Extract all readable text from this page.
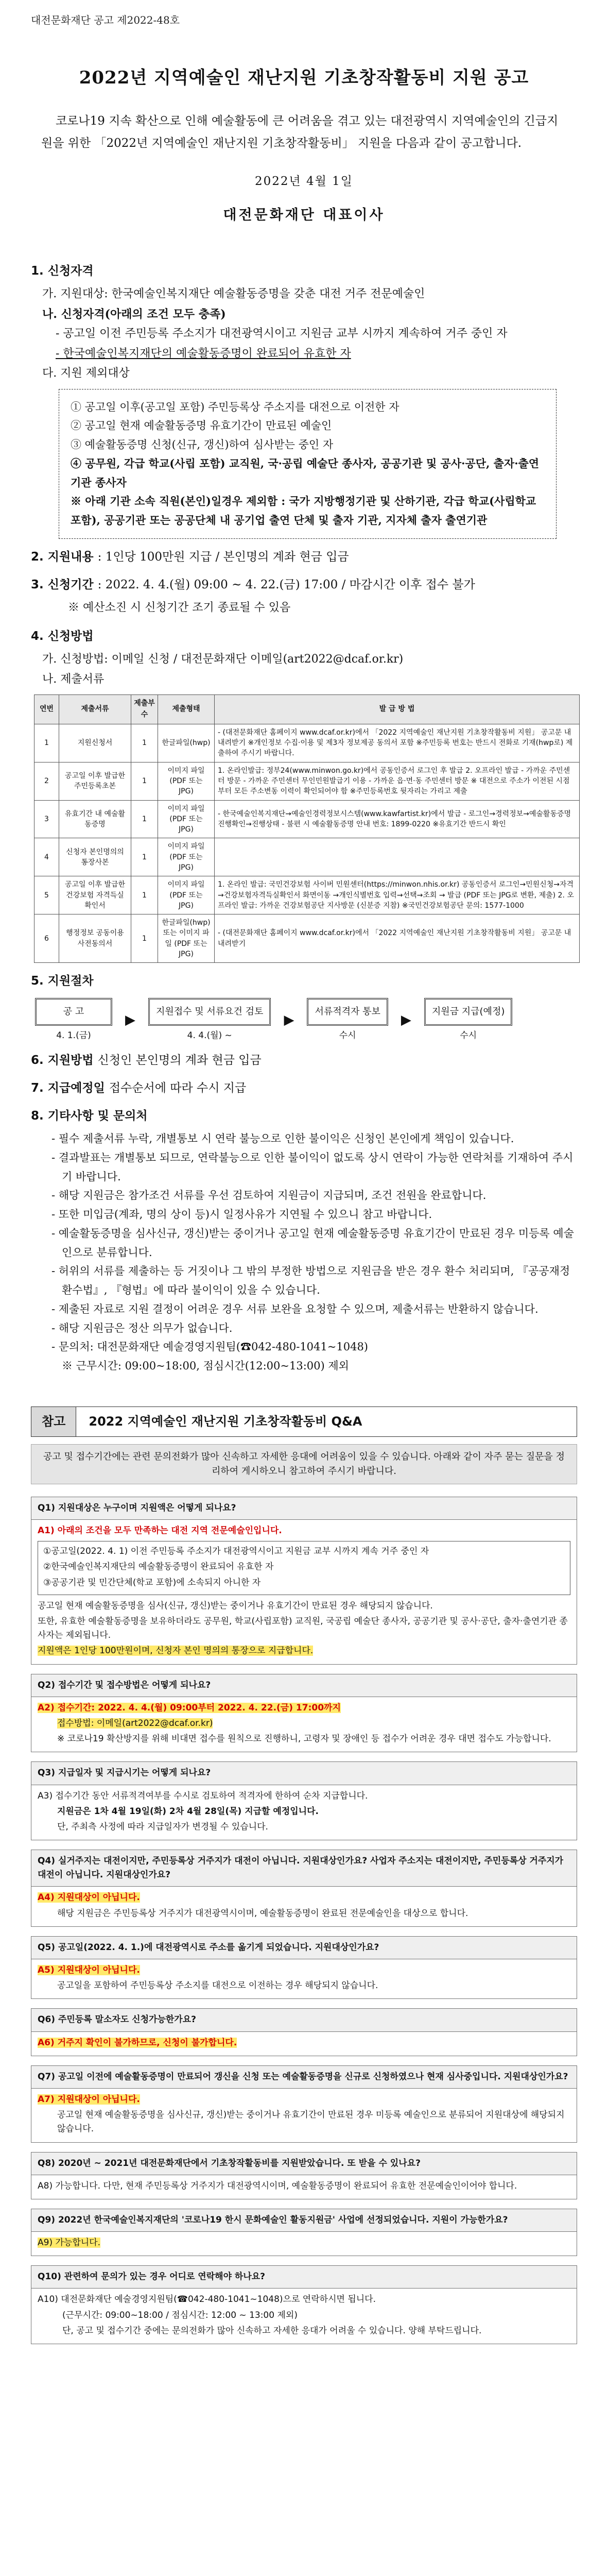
대전문화재단 공고 제2022-48호
2022년 지역예술인 재난지원 기초창작활동비 지원 공고

코로나19 지속 확산으로 인해 예술활동에 큰 어려움을 겪고 있는 대전광역시 지역예술인의 긴급지원을 위한 「2022년 지역예술인 재난지원 기초창작활동비」 지원을 다음과 같이 공고합니다.

2022년 4월 1일
대전문화재단 대표이사
1. 신청자격
가. 지원대상: 한국예술인복지재단 예술활동증명을 갖춘 대전 거주 전문예술인
나. 신청자격(아래의 조건 모두 충족)
- 공고일 이전 주민등록 주소지가 대전광역시이고 지원금 교부 시까지 계속하여 거주 중인 자
- 한국예술인복지재단의 예술활동증명이 완료되어 유효한 자
다. 지원 제외대상
① 공고일 이후(공고일 포함) 주민등록상 주소지를 대전으로 이전한 자
② 공고일 현재 예술활동증명 유효기간이 만료된 예술인
③ 예술활동증명 신청(신규, 갱신)하여 심사받는 중인 자
④ 공무원, 각급 학교(사립 포함) 교직원, 국·공립 예술단 종사자, 공공기관 및 공사·공단, 출자·출연기관 종사자
※ 아래 기관 소속 직원(본인)일경우 제외함 : 국가 지방행정기관 및 산하기관, 각급 학교(사립학교 포함), 공공기관 또는 공공단체 내 공기업 출연 단체 및 출자 기관, 지자체 출자 출연기관
2. 지원내용 : 1인당 100만원 지급 / 본인명의 계좌 현금 입금
3. 신청기간 : 2022. 4. 4.(월) 09:00 ~ 4. 22.(금) 17:00 / 마감시간 이후 접수 불가
※ 예산소진 시 신청기간 조기 종료될 수 있음
4. 신청방법
가. 신청방법: 이메일 신청 / 대전문화재단 이메일(art2022@dcaf.or.kr)
나. 제출서류
연번	제출서류	제출부수	제출형태	발 급 방 법
1	지원신청서	1	한글파일(hwp)	- (대전문화재단 홈페이지 www.dcaf.or.kr)에서 「2022 지역예술인 재난지원 기초창작활동비 지원」 공고문 내 내려받기 ※개인정보 수집·이용 및 제3자 정보제공 동의서 포함 ※주민등록 번호는 반드시 전화로 기재(hwp로) 제출하여 주시기 바랍니다.
2	공고일 이후 발급한 주민등록초본	1	이미지 파일 (PDF 또는 JPG)	1. 온라인발급: 정부24(www.minwon.go.kr)에서 공동인증서 로그인 후 발급 2. 오프라인 발급 - 가까운 주민센터 방문 - 가까운 주민센터 무인민원발급기 이용 - 가까운 읍·면·동 주민센터 방문 ※ 대전으로 주소가 이전된 시점부터 모든 주소변동 이력이 확인되어야 함 ※주민등록번호 뒷자리는 가리고 제출
3	유효기간 내 예술활동증명	1	이미지 파일 (PDF 또는 JPG)	- 한국예술인복지재단→예술인경력정보시스템(www.kawfartist.kr)에서 발급 - 로그인→경력정보→예술활동증명진행확인→진행상태 - 불편 시 예술활동증명 안내 번호: 1899-0220 ※유효기간 반드시 확인
4	신청자 본인명의의 통장사본	1	이미지 파일 (PDF 또는 JPG)	
5	공고일 이후 발급한 건강보험 자격득실 확인서	1	이미지 파일 (PDF 또는 JPG)	1. 온라인 발급: 국민건강보험 사이버 민원센터(https://minwon.nhis.or.kr) 공동인증서 로그인→민원신청→자격→건강보험자격득실확인서 화면이동 →개인식별번호 입력→선택→조회 → 발급 (PDF 또는 JPG로 변환, 제출) 2. 오프라인 발급: 가까운 건강보험공단 지사방문 (신분증 지참) ※국민건강보험공단 문의: 1577-1000
6	행정정보 공동이용 사전동의서	1	한글파일(hwp) 또는 이미지 파일 (PDF 또는 JPG)	- (대전문화재단 홈페이지 www.dcaf.or.kr)에서 「2022 지역예술인 재난지원 기초창작활동비 지원」 공고문 내 내려받기
5. 지원절차
공 고
4. 1.(금)
▶
지원접수 및 서류요건 검토
4. 4.(월) ~
▶
서류적격자 통보
수시
▶
지원금 지급(예정)
수시
6. 지원방법 신청인 본인명의 계좌 현금 입금
7. 지급예정일 접수순서에 따라 수시 지급
8. 기타사항 및 문의처

- 필수 제출서류 누락, 개별통보 시 연락 불능으로 인한 불이익은 신청인 본인에게 책임이 있습니다.

- 결과발표는 개별통보 되므로, 연락불능으로 인한 불이익이 없도록 상시 연락이 가능한 연락처를 기재하여 주시기 바랍니다.

- 해당 지원금은 참가조건 서류를 우선 검토하여 지원금이 지급되며, 조건 전원을 완료합니다.

- 또한 미입금(계좌, 명의 상이 등)시 일정사유가 지연될 수 있으니 참고 바랍니다.

- 예술활동증명을 심사신규, 갱신)받는 중이거나 공고일 현재 예술활동증명 유효기간이 만료된 경우 미등록 예술인으로 분류합니다.

- 허위의 서류를 제출하는 등 거짓이나 그 밖의 부정한 방법으로 지원금을 받은 경우 환수 처리되며, 『공공재정환수법』, 『형법』에 따라 불이익이 있을 수 있습니다.

- 제출된 자료로 지원 결정이 어려운 경우 서류 보완을 요청할 수 있으며, 제출서류는 반환하지 않습니다.

- 해당 지원금은 정산 의무가 없습니다.

- 문의처: 대전문화재단 예술경영지원팀(☎042-480-1041~1048)

※ 근무시간: 09:00~18:00, 점심시간(12:00~13:00) 제외

참고	2022 지역예술인 재난지원 기초창작활동비 Q&A
공고 및 접수기간에는 관련 문의전화가 많아 신속하고 자세한 응대에 어려움이 있을 수 있습니다. 아래와 같이 자주 묻는 질문을 정리하여 게시하오니 참고하여 주시기 바랍니다.
Q1) 지원대상은 누구이며 지원액은 어떻게 되나요?

A1) 아래의 조건을 모두 만족하는 대전 지역 전문예술인입니다.

①공고일(2022. 4. 1) 이전 주민등록 주소지가 대전광역시이고 지원금 교부 시까지 계속 거주 중인 자

②한국예술인복지재단의 예술활동증명이 완료되어 유효한 자

③공공기관 및 민간단체(학교 포함)에 소속되지 아니한 자

공고일 현재 예술활동증명을 심사(신규, 갱신)받는 중이거나 유효기간이 만료된 경우 해당되지 않습니다.

또한, 유효한 예술활동증명을 보유하더라도 공무원, 학교(사립포함) 교직원, 국공립 예술단 종사자, 공공기관 및 공사·공단, 출자·출연기관 종사자는 제외됩니다.

지원액은 1인당 100만원이며, 신청자 본인 명의의 통장으로 지급합니다.

Q2) 접수기간 및 접수방법은 어떻게 되나요?

A2) 접수기간: 2022. 4. 4.(월) 09:00부터 2022. 4. 22.(금) 17:00까지

접수방법: 이메일(art2022@dcaf.or.kr)

※ 코로나19 확산방지를 위해 비대면 접수를 원칙으로 진행하니, 고령자 및 장애인 등 접수가 어려운 경우 대면 접수도 가능합니다.

Q3) 지급일자 및 지급시기는 어떻게 되나요?

A3) 접수기간 동안 서류적격여부를 수시로 검토하여 적격자에 한하여 순차 지급합니다.

지원금은 1차 4월 19일(화) 2차 4월 28일(목) 지급할 예정입니다.

단, 주최측 사정에 따라 지급일자가 변경될 수 있습니다.

Q4) 실거주지는 대전이지만, 주민등록상 거주지가 대전이 아닙니다. 지원대상인가요? 사업자 주소지는 대전이지만, 주민등록상 거주지가 대전이 아닙니다. 지원대상인가요?

A4) 지원대상이 아닙니다.

해당 지원금은 주민등록상 거주지가 대전광역시이며, 예술활동증명이 완료된 전문예술인을 대상으로 합니다.

Q5) 공고일(2022. 4. 1.)에 대전광역시로 주소를 옮기게 되었습니다. 지원대상인가요?

A5) 지원대상이 아닙니다.

공고일을 포함하여 주민등록상 주소지를 대전으로 이전하는 경우 해당되지 않습니다.

Q6) 주민등록 말소자도 신청가능한가요?

A6) 거주지 확인이 불가하므로, 신청이 불가합니다.

Q7) 공고일 이전에 예술활동증명이 만료되어 갱신을 신청 또는 예술활동증명을 신규로 신청하였으나 현재 심사중입니다. 지원대상인가요?

A7) 지원대상이 아닙니다.

공고일 현재 예술활동증명을 심사신규, 갱신)받는 중이거나 유효기간이 만료된 경우 미등록 예술인으로 분류되어 지원대상에 해당되지 않습니다.

Q8) 2020년 ~ 2021년 대전문화재단에서 기초창작활동비를 지원받았습니다. 또 받을 수 있나요?

A8) 가능합니다. 다만, 현재 주민등록상 거주지가 대전광역시이며, 예술활동증명이 완료되어 유효한 전문예술인이어야 합니다.

Q9) 2022년 한국예술인복지재단의 '코로나19 한시 문화예술인 활동지원금' 사업에 선정되었습니다. 지원이 가능한가요?

A9) 가능합니다.

Q10) 관련하여 문의가 있는 경우 어디로 연락해야 하나요?

A10) 대전문화재단 예술경영지원팀(☎042-480-1041~1048)으로 연락하시면 됩니다.

(근무시간: 09:00~18:00 / 점심시간: 12:00 ~ 13:00 제외)

단, 공고 및 접수기간 중에는 문의전화가 많아 신속하고 자세한 응대가 어려울 수 있습니다. 양해 부탁드립니다.
